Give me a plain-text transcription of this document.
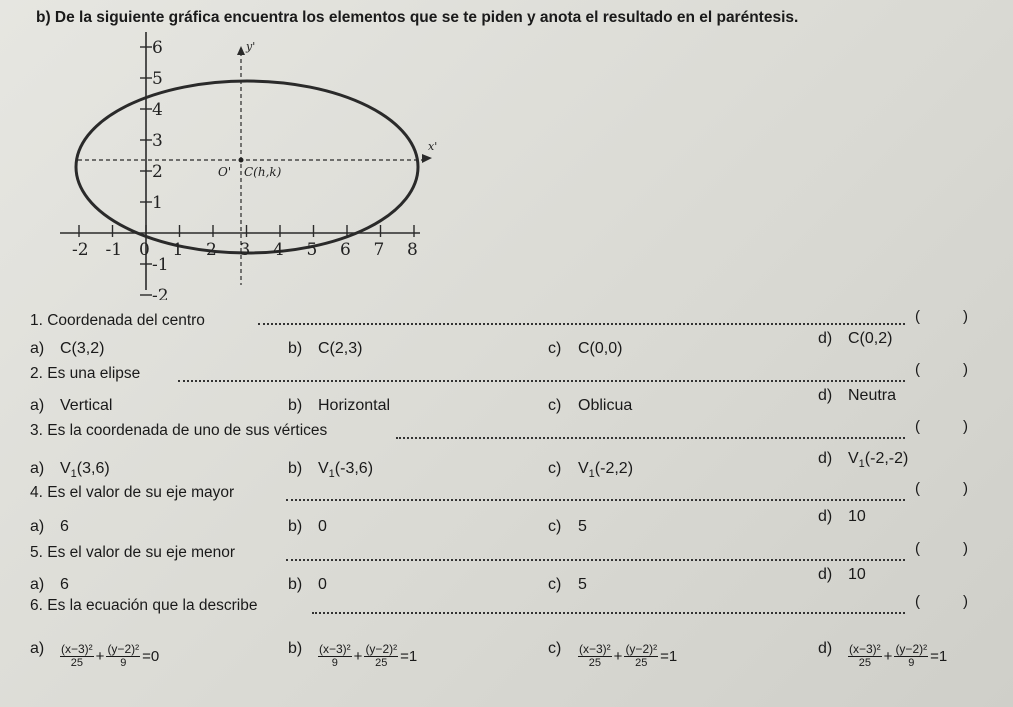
b) De la siguiente gráfica encuentra los elementos que se te piden y anota el resultado en el paréntesis.
-2 -1 0 1 2 3 4 5 6 7 8
6
5
4
3
2
1
-1
-2
O' C(h,k)
y'
x'
1. Coordenada del centro	(	)
a) C(3,2)	b) C(2,3)	c) C(0,0)
d) C(0,2)
2. Es una elipse	(	)
a) Vertical	b) Horizontal	c) Oblicua
d) Neutra
3. Es la coordenada de uno de sus vértices	(	)
a) $V_1(3,6)$	b) $V_1(-3,6)$	c) $V_1(-2,2)$
d) $V_1(-2,-2)$
4. Es el valor de su eje mayor	(	)
a) 6	b) 0	c) 5
d) 10
5. Es el valor de su eje menor	(	)
a) 6	b) 0	c) 5
d) 10
6. Es la ecuación que la describe	(	)
$a) \frac{\text{(x−3)²}}{25} + \frac{\text{(y−2)²}}{9} =0$	$b) \frac{\text{(x−3)²}}{9} + \frac{\text{(y−2)²}}{25} =1$	$c) \frac{\text{(x−3)²}}{25} + \frac{\text{(y−2)²}}{25} =1$	$d) \frac{\text{(x−3)²}}{25} + \frac{\text{(y−2)²}}{9} =1$
